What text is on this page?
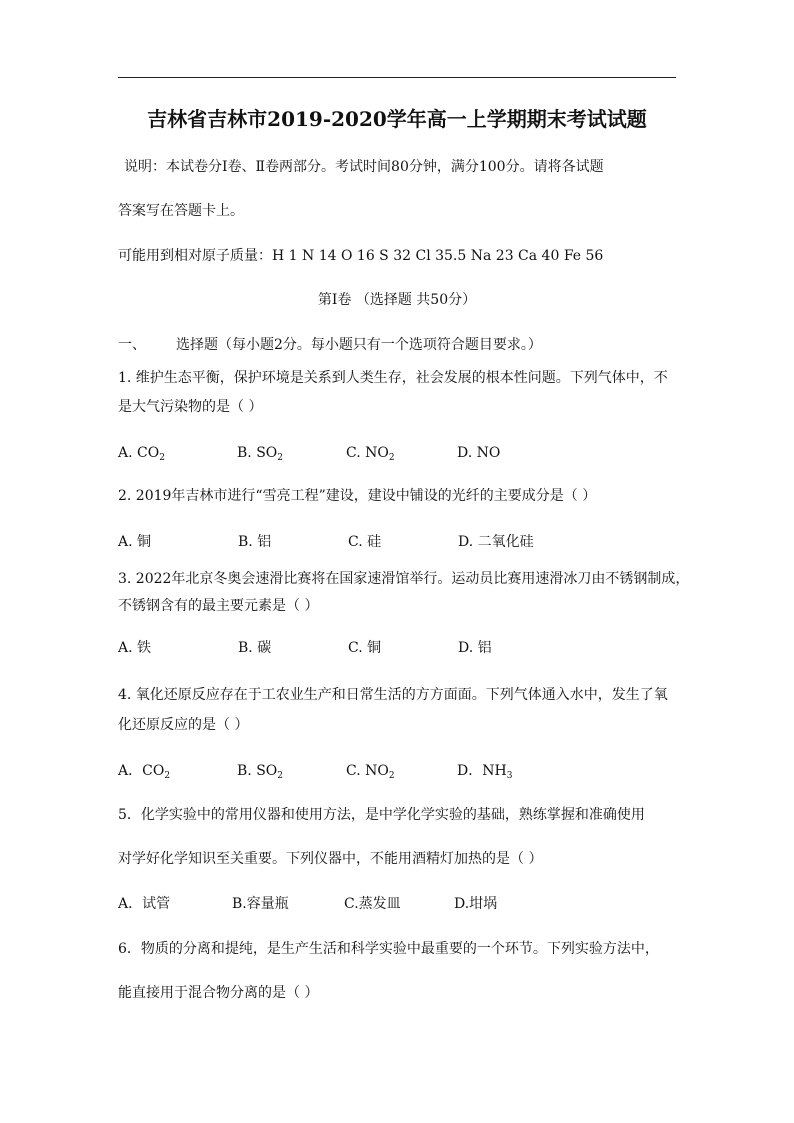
吉林省吉林市2019-2020学年高一上学期期末考试试题
说明：本试卷分Ⅰ卷、Ⅱ卷两部分。考试时间80分钟，满分100分。请将各试题
答案写在答题卡上。
可能用到相对原子质量：H 1 N 14 O 16 S 32 Cl 35.5 Na 23 Ca 40 Fe 56
第Ⅰ卷 （选择题 共50分）
一、 选择题（每小题2分。每小题只有一个选项符合题目要求。）
1. 维护生态平衡，保护环境是关系到人类生存，社会发展的根本性问题。下列气体中，不
是大气污染物的是（ ）
A. $CO_2$	B. $SO_2$	C. $NO_2$	D. NO
2. 2019年吉林市进行“雪亮工程”建设，建设中铺设的光纤的主要成分是（ ）
A. 铜	B. 铝	C. 硅	D. 二氧化硅
3. 2022年北京冬奥会速滑比赛将在国家速滑馆举行。运动员比赛用速滑冰刀由不锈钢制成，
不锈钢含有的最主要元素是（ ）
A. 铁	B. 碳	C. 铜	D. 铝
4. 氧化还原反应存在于工农业生产和日常生活的方方面面。下列气体通入水中，发生了氧
化还原反应的是（ ）
A．$CO_2$	B. $SO_2$	C. $NO_2$	D．$NH_3$
5．化学实验中的常用仪器和使用方法，是中学化学实验的基础，熟练掌握和准确使用
对学好化学知识至关重要。下列仪器中，不能用酒精灯加热的是（ ）
A．试管	B.容量瓶	C.蒸发皿	D.坩埚
6．物质的分离和提纯，是生产生活和科学实验中最重要的一个环节。下列实验方法中，
能直接用于混合物分离的是（ ）
